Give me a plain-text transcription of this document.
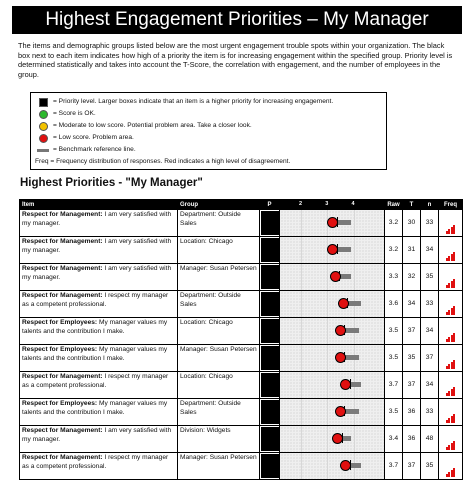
Highest Engagement Priorities – My Manager
The items and demographic groups listed below are the most urgent engagement trouble spots within your organization. The black box next to each item indicates how high of a priority the item is for increasing engagement within the specified group. Priority level is determined statistically and takes into account the T-Score, the correlation with engagement, and the number of employees in the group.
= Priority level. Larger boxes indicate that an item is a higher priority for increasing engagement.
= Score is OK.
= Moderate to low score. Potential problem area. Take a closer look.
= Low score. Problem area.
= Benchmark reference line.
Freq = Frequency distribution of responses. Red indicates a high level of disagreement.
Highest Priorities - "My Manager"
Item	Group	P	2 3 4	Raw	T	n	Freq
Respect for Management: I am very satisfied with my manager.	Department: Outside Sales			3.2	30	33	
Respect for Management: I am very satisfied with my manager.	Location: Chicago			3.2	31	34	
Respect for Management: I am very satisfied with my manager.	Manager: Susan Petersen			3.3	32	35	
Respect for Management: I respect my manager as a competent professional.	Department: Outside Sales			3.6	34	33	
Respect for Employees: My manager values my talents and the contribution I make.	Location: Chicago			3.5	37	34	
Respect for Employees: My manager values my talents and the contribution I make.	Manager: Susan Petersen			3.5	35	37	
Respect for Management: I respect my manager as a competent professional.	Location: Chicago			3.7	37	34	
Respect for Employees: My manager values my talents and the contribution I make.	Department: Outside Sales			3.5	36	33	
Respect for Management: I am very satisfied with my manager.	Division: Widgets			3.4	36	48	
Respect for Management: I respect my manager as a competent professional.	Manager: Susan Petersen			3.7	37	35	
